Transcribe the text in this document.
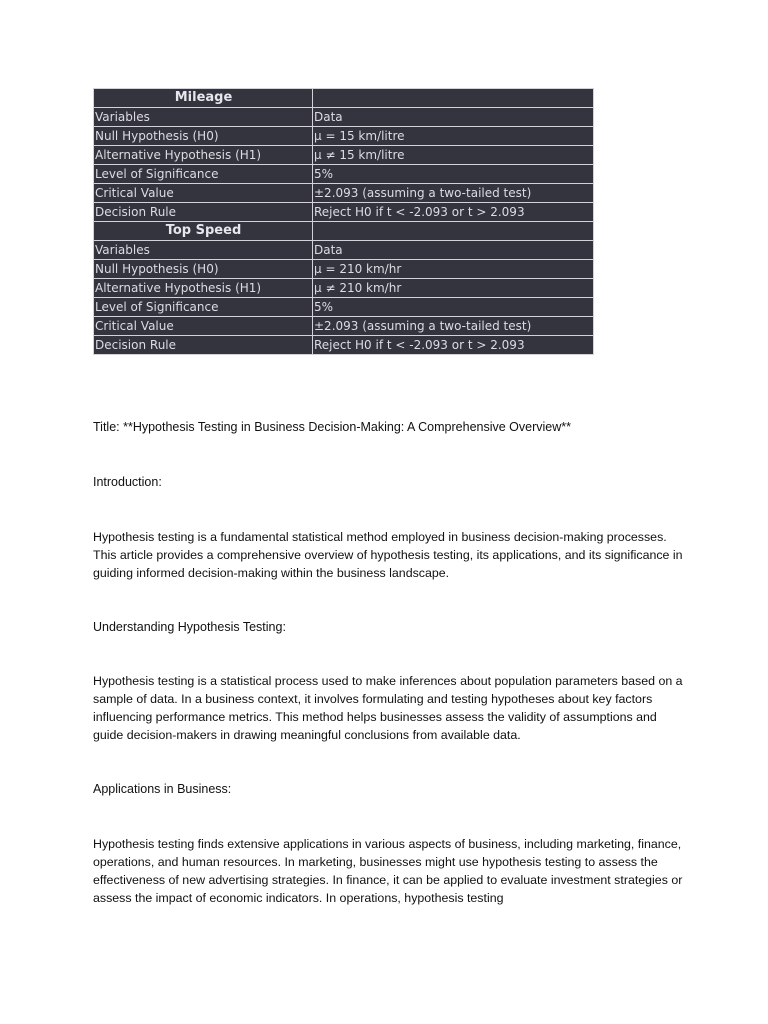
Mileage	
Variables	Data
Null Hypothesis (H0)	μ = 15 km/litre
Alternative Hypothesis (H1)	μ ≠ 15 km/litre
Level of Significance	5%
Critical Value	±2.093 (assuming a two-tailed test)
Decision Rule	Reject H0 if t < -2.093 or t > 2.093
Top Speed	
Variables	Data
Null Hypothesis (H0)	μ = 210 km/hr
Alternative Hypothesis (H1)	μ ≠ 210 km/hr
Level of Significance	5%
Critical Value	±2.093 (assuming a two-tailed test)
Decision Rule	Reject H0 if t < -2.093 or t > 2.093

Title: **Hypothesis Testing in Business Decision-Making: A Comprehensive Overview**

Introduction:

Hypothesis testing is a fundamental statistical method employed in business decision-making processes. This article provides a comprehensive overview of hypothesis testing, its applications, and its significance in guiding informed decision-making within the business landscape.

Understanding Hypothesis Testing:

Hypothesis testing is a statistical process used to make inferences about population parameters based on a sample of data. In a business context, it involves formulating and testing hypotheses about key factors influencing performance metrics. This method helps businesses assess the validity of assumptions and guide decision-makers in drawing meaningful conclusions from available data.

Applications in Business:

Hypothesis testing finds extensive applications in various aspects of business, including marketing, finance, operations, and human resources. In marketing, businesses might use hypothesis testing to assess the effectiveness of new advertising strategies. In finance, it can be applied to evaluate investment strategies or assess the impact of economic indicators. In operations, hypothesis testing
